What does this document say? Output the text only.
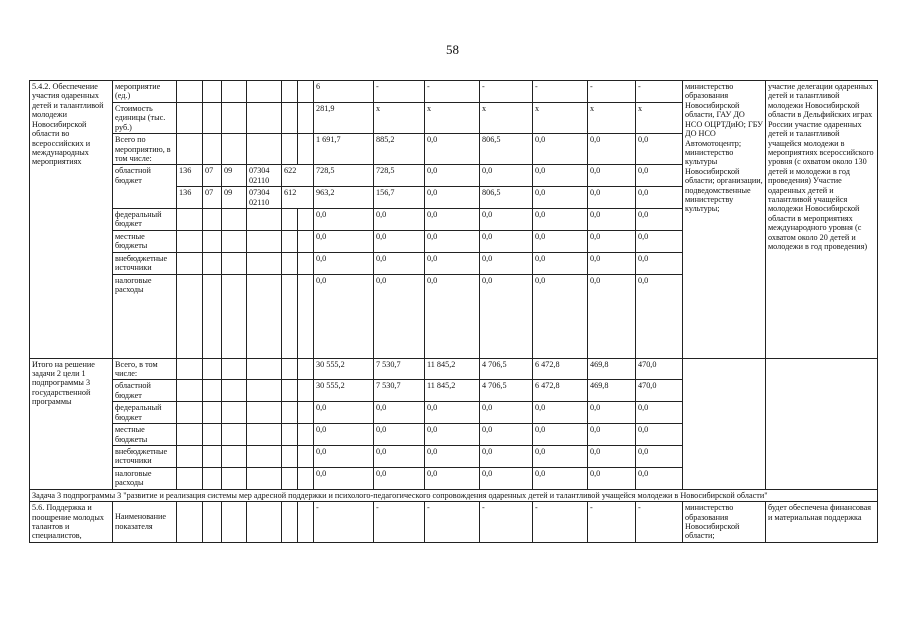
58
5.4.2. Обеспечение участия одаренных детей и талантливой молодежи Новосибирской области во всероссийских и международных мероприятиях	мероприятие (ед.)							6	-	-	-	-	-	-	министерство образования Новосибирской области, ГАУ ДО НСО ОЦРТДиЮ; ГБУ ДО НСО Автомотоцентр; министерство культуры Новосибирской области; организации, подведомственные министерству культуры;	участие делегации одаренных детей и талантливой молодежи Новосибирской области в Дельфийских играх России участие одаренных детей и талантливой учащейся молодежи в мероприятиях всероссийского уровня (с охватом около 130 детей и молодежи в год проведения) Участие одаренных детей и талантливой учащейся молодежи Новосибирской области в мероприятиях международного уровня (с охватом около 20 детей и молодежи в год проведения)
	Стоимость единицы (тыс. руб.)							281,9	х	х	х	х	х	х		
	Всего по мероприятию, в том числе:							1 691,7	885,2	0,0	806,5	0,0	0,0	0,0		
	областной бюджет	136	07	09	07304 02110	622		728,5	728,5	0,0	0,0	0,0	0,0	0,0		
		136	07	09	07304 02110	612		963,2	156,7	0,0	806,5	0,0	0,0	0,0		
	федеральный бюджет							0,0	0,0	0,0	0,0	0,0	0,0	0,0		
	местные бюджеты							0,0	0,0	0,0	0,0	0,0	0,0	0,0		
	внебюджетные источники							0,0	0,0	0,0	0,0	0,0	0,0	0,0		
	налоговые расходы							0,0	0,0	0,0	0,0	0,0	0,0	0,0		
Итого на решение задачи 2 цели 1 подпрограммы 3 государственной программы	Всего, в том числе:							30 555,2	7 530,7	11 845,2	4 706,5	6 472,8	469,8	470,0		
	областной бюджет							30 555,2	7 530,7	11 845,2	4 706,5	6 472,8	469,8	470,0		
	федеральный бюджет							0,0	0,0	0,0	0,0	0,0	0,0	0,0		
	местные бюджеты							0,0	0,0	0,0	0,0	0,0	0,0	0,0		
	внебюджетные источники							0,0	0,0	0,0	0,0	0,0	0,0	0,0		
	налоговые расходы							0,0	0,0	0,0	0,0	0,0	0,0	0,0		
Задача 3 подпрограммы 3 "развитие и реализация системы мер адресной поддержки и психолого-педагогического сопровождения одаренных детей и талантливой учащейся молодежи в Новосибирской области"																
5.6. Поддержка и поощрение молодых талантов и специалистов,	Наименование показателя							-	-	-	-	-	-	-	министерство образования Новосибирской области;	будет обеспечена финансовая и материальная поддержка
